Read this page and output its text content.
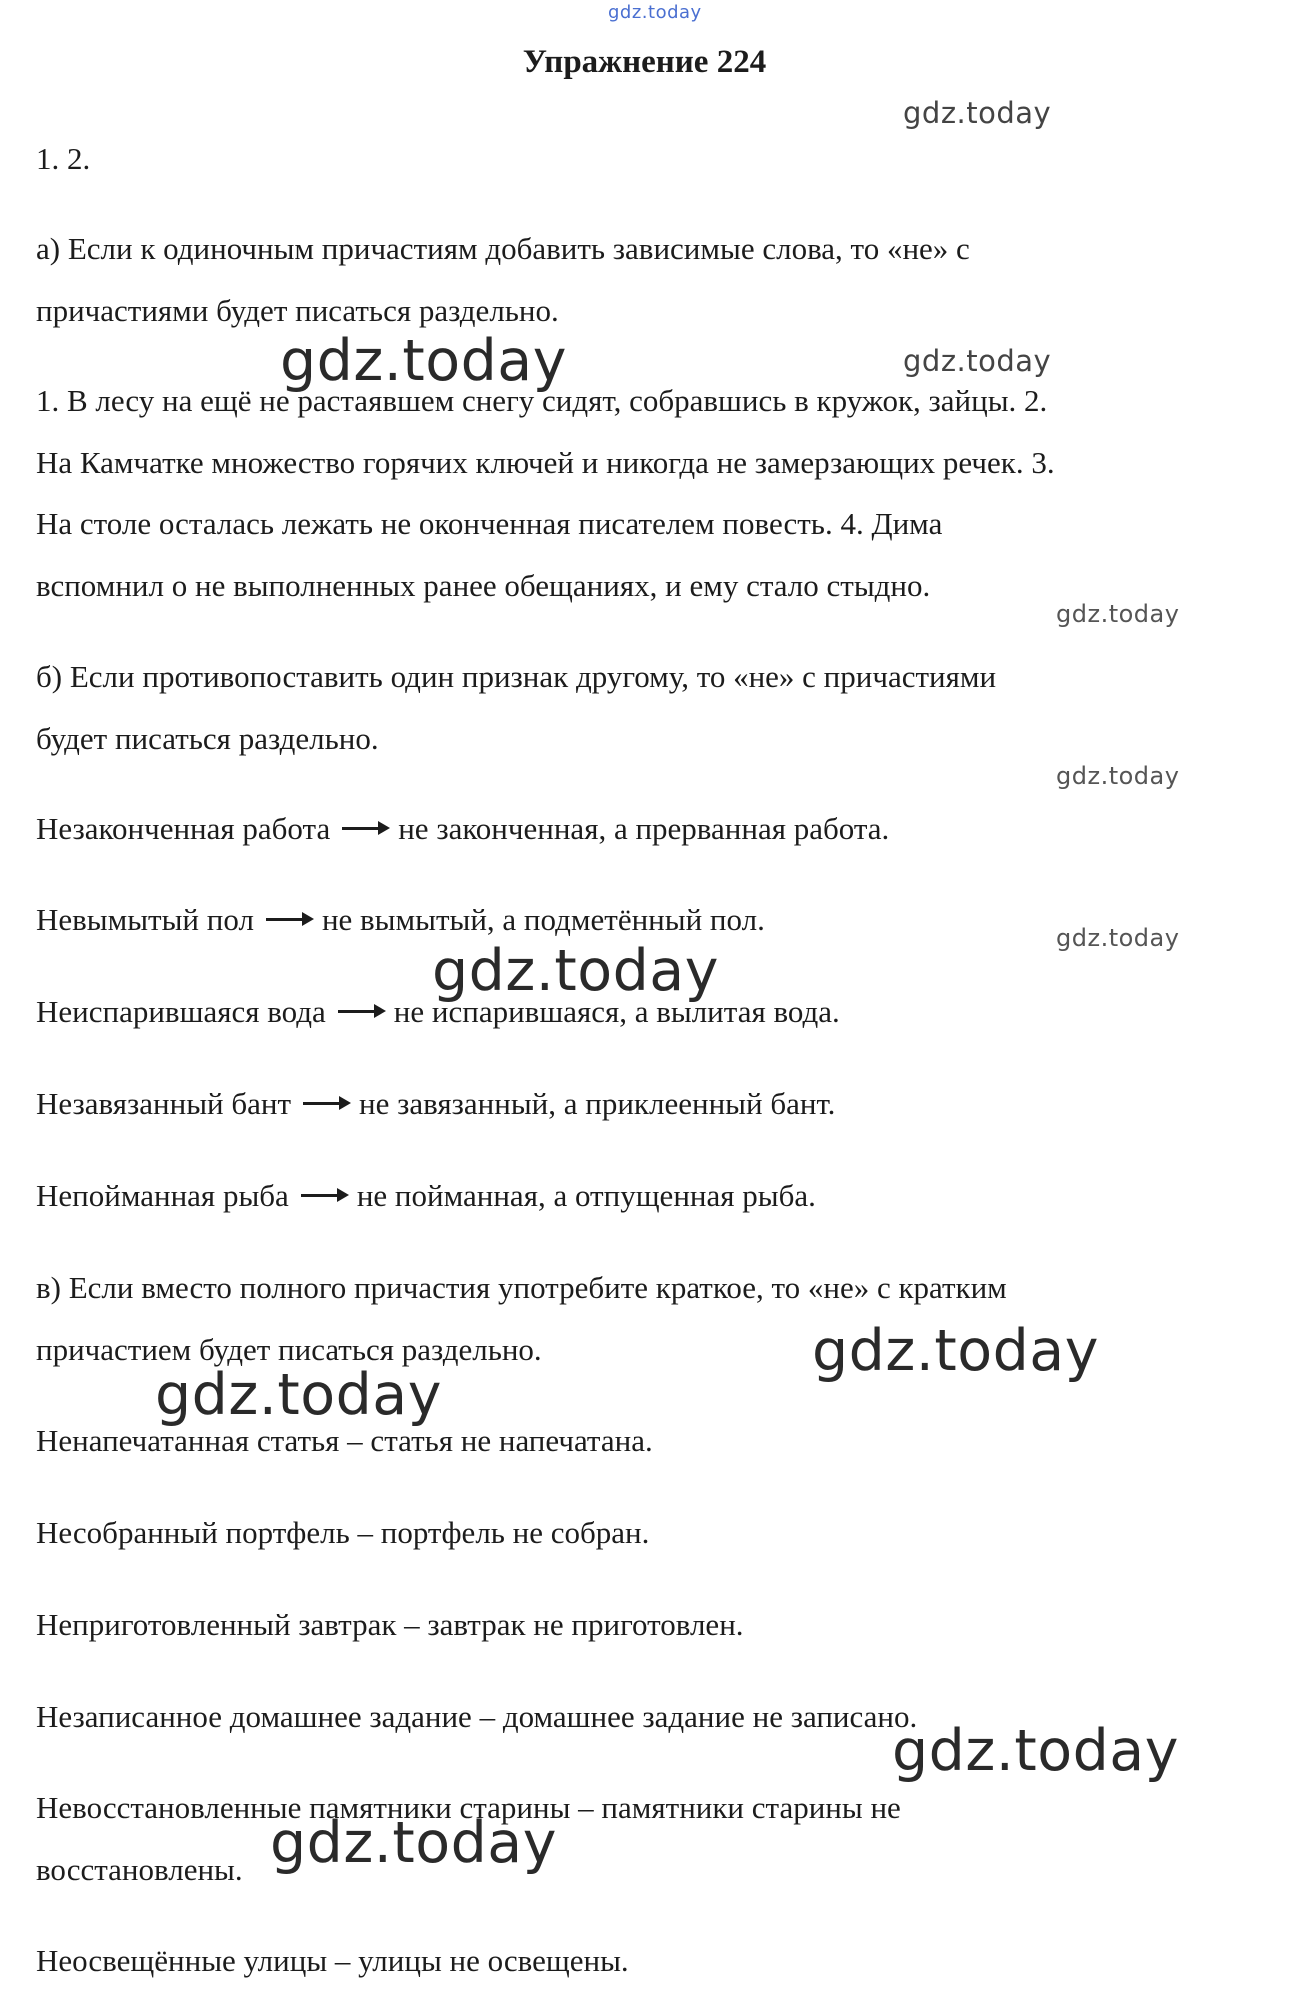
gdz.today
Упражнение 224
gdz.today
1. 2.
а) Если к одиночным причастиям добавить зависимые слова, то «не» с
причастиями будет писаться раздельно.
gdz.today	gdz.today
1. В лесу на ещё не растаявшем снегу сидят, собравшись в кружок, зайцы. 2.
На Камчатке множество горячих ключей и никогда не замерзающих речек. 3.
На столе осталась лежать не оконченная писателем повесть. 4. Дима
вспомнил о не выполненных ранее обещаниях, и ему стало стыдно.
gdz.today
б) Если противопоставить один признак другому, то «не» с причастиями
будет писаться раздельно.
gdz.today
Незаконченная работа не законченная, а прерванная работа.
Невымытый пол не вымытый, а подметённый пол.
gdz.today
gdz.today
Неиспарившаяся вода не испарившаяся, а вылитая вода.
Незавязанный бант не завязанный, а приклеенный бант.
Непойманная рыба не пойманная, а отпущенная рыба.
в) Если вместо полного причастия употребите краткое, то «не» с кратким
причастием будет писаться раздельно.	gdz.today
gdz.today
Ненапечатанная статья – статья не напечатана.
Несобранный портфель – портфель не собран.
Неприготовленный завтрак – завтрак не приготовлен.
Незаписанное домашнее задание – домашнее задание не записано.
gdz.today
Невосстановленные памятники старины – памятники старины не
восстановлены. gdz.today
Неосвещённые улицы – улицы не освещены.
